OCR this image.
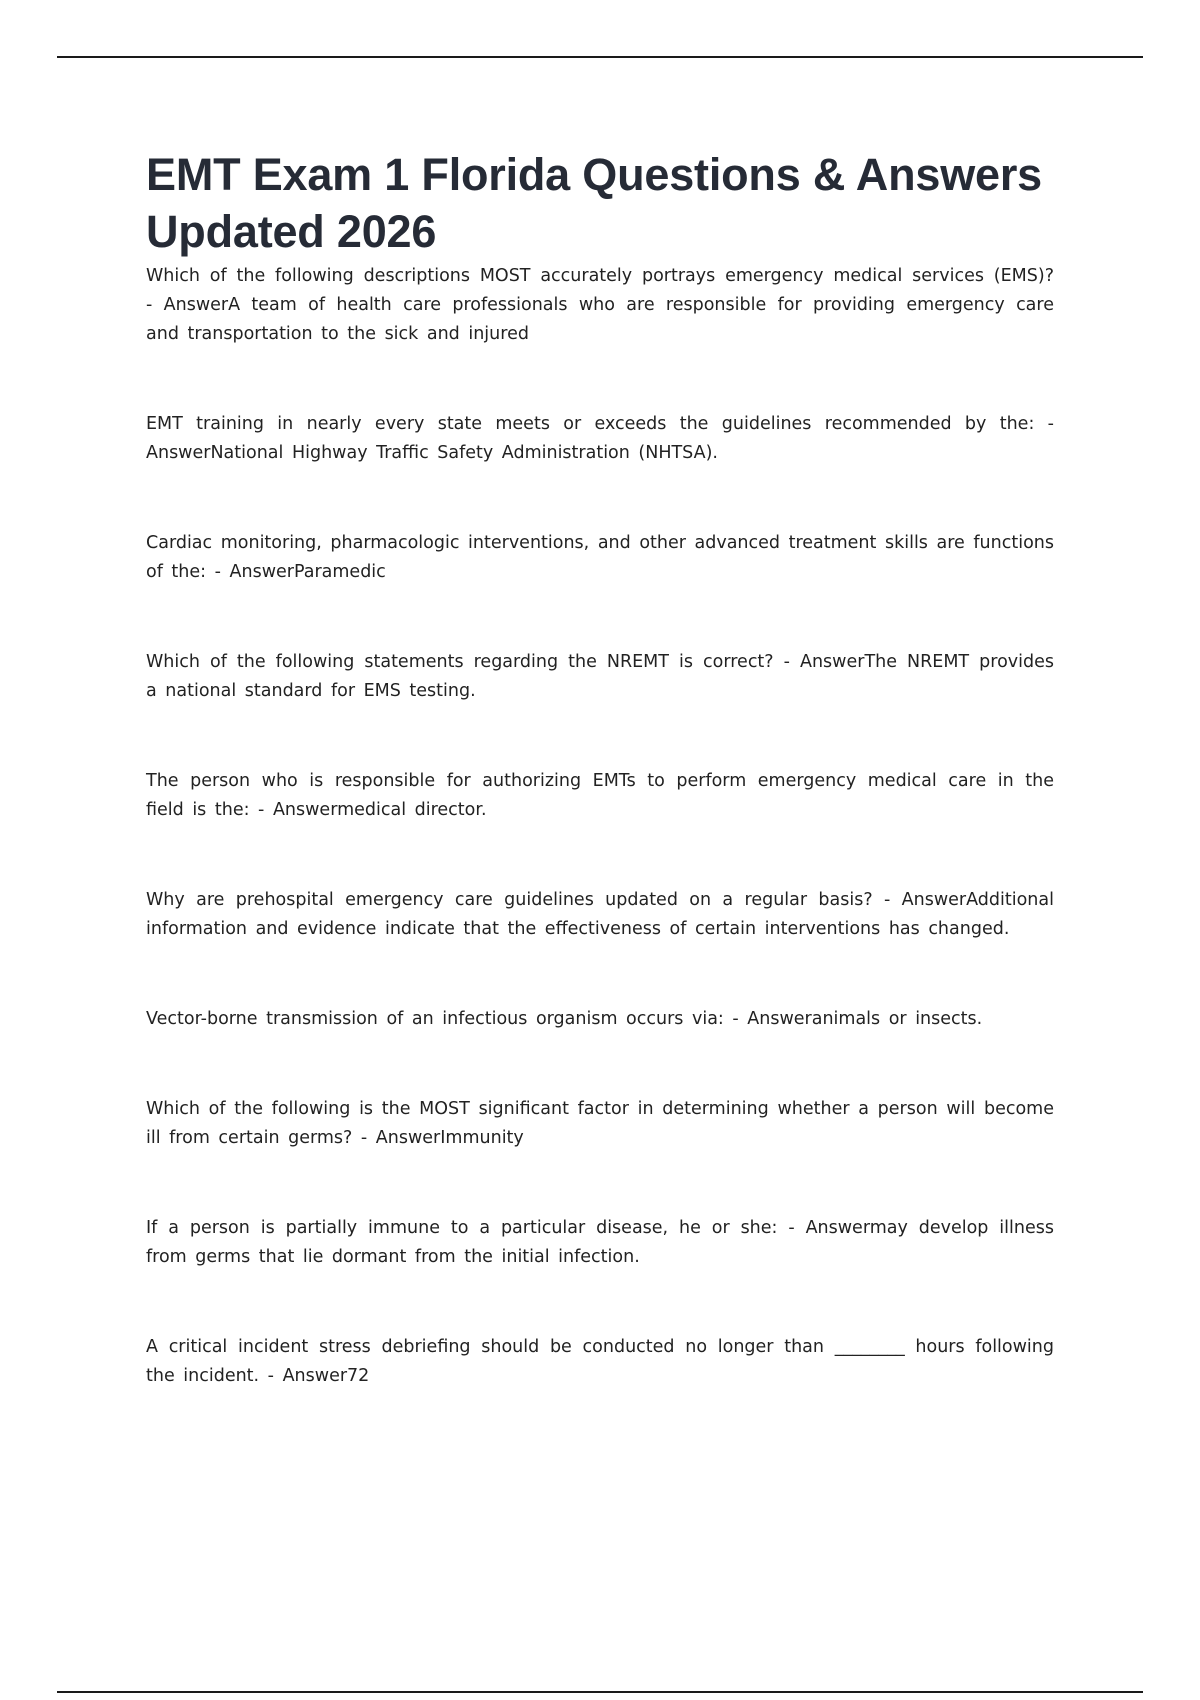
EMT Exam 1 Florida Questions & Answers Updated 2026
Which of the following descriptions MOST accurately portrays emergency medical services (EMS)? - AnswerA team of health care professionals who are responsible for providing emergency care and transportation to the sick and injured
EMT training in nearly every state meets or exceeds the guidelines recommended by the: - AnswerNational Highway Traffic Safety Administration (NHTSA).
Cardiac monitoring, pharmacologic interventions, and other advanced treatment skills are functions of the: - AnswerParamedic
Which of the following statements regarding the NREMT is correct? - AnswerThe NREMT provides a national standard for EMS testing.
The person who is responsible for authorizing EMTs to perform emergency medical care in the field is the: - Answermedical director.
Why are prehospital emergency care guidelines updated on a regular basis? - AnswerAdditional information and evidence indicate that the effectiveness of certain interventions has changed.
Vector-borne transmission of an infectious organism occurs via: - Answeranimals or insects.
Which of the following is the MOST significant factor in determining whether a person will become ill from certain germs? - AnswerImmunity
If a person is partially immune to a particular disease, he or she: - Answermay develop illness from germs that lie dormant from the initial infection.
A critical incident stress debriefing should be conducted no longer than ________ hours following the incident. - Answer72
